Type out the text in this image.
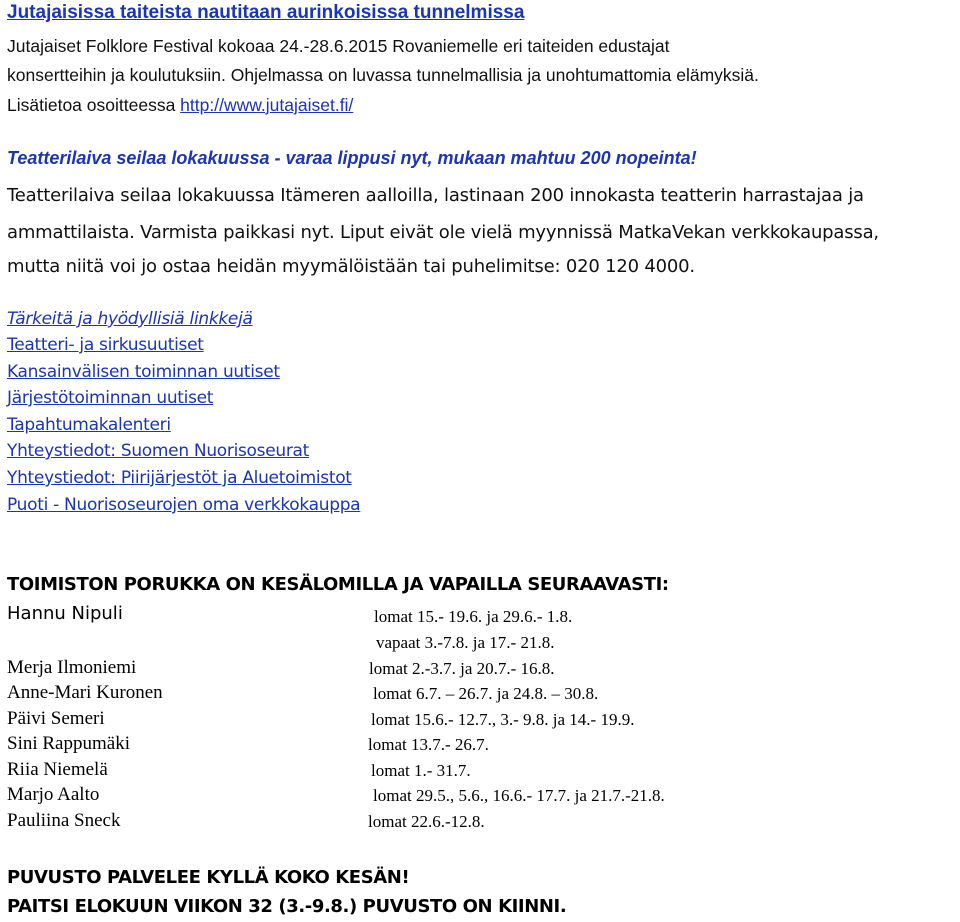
Jutajaisissa taiteista nautitaan aurinkoisissa tunnelmissa
Jutajaiset Folklore Festival kokoaa 24.-28.6.2015 Rovaniemelle eri taiteiden edustajat
konsertteihin ja koulutuksiin. Ohjelmassa on luvassa tunnelmallisia ja unohtumattomia elämyksiä.
Lisätietoa osoitteessa http://www.jutajaiset.fi/
Teatterilaiva seilaa lokakuussa - varaa lippusi nyt, mukaan mahtuu 200 nopeinta!
Teatterilaiva seilaa lokakuussa Itämeren aalloilla, lastinaan 200 innokasta teatterin harrastajaa ja
ammattilaista. Varmista paikkasi nyt. Liput eivät ole vielä myynnissä MatkaVekan verkkokaupassa,
mutta niitä voi jo ostaa heidän myymälöistään tai puhelimitse: 020 120 4000.
Tärkeitä ja hyödyllisiä linkkejä
Teatteri- ja sirkusuutiset
Kansainvälisen toiminnan uutiset
Järjestötoiminnan uutiset
Tapahtumakalenteri
Yhteystiedot: Suomen Nuorisoseurat
Yhteystiedot: Piirijärjestöt ja Aluetoimistot
Puoti - Nuorisoseurojen oma verkkokauppa
TOIMISTON PORUKKA ON KESÄLOMILLA JA VAPAILLA SEURAAVASTI:
Hannu Nipuli	lomat 15.- 19.6. ja 29.6.- 1.8.
vapaat 3.-7.8. ja 17.- 21.8.
Merja Ilmoniemi	lomat 2.-3.7. ja 20.7.- 16.8.
Anne-Mari Kuronen	lomat 6.7. – 26.7. ja 24.8. – 30.8.
Päivi Semeri	lomat 15.6.- 12.7., 3.- 9.8. ja 14.- 19.9.
Sini Rappumäki	lomat 13.7.- 26.7.
Riia Niemelä	lomat 1.- 31.7.
Marjo Aalto	lomat 29.5., 5.6., 16.6.- 17.7. ja 21.7.-21.8.
Pauliina Sneck	lomat 22.6.-12.8.
PUVUSTO PALVELEE KYLLÄ KOKO KESÄN!
PAITSI ELOKUUN VIIKON 32 (3.-9.8.) PUVUSTO ON KIINNI.
